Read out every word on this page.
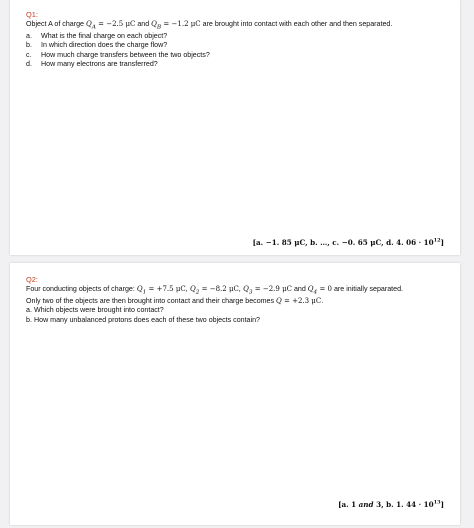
Q1:
Object A of charge $Q_A = -2.5$ μC and $Q_B = -1.2$ μC are brought into contact with each other and then separated.
a.	What is the final charge on each object?
b.	In which direction does the charge flow?
c.	How much charge transfers between the two objects?
d.	How many electrons are transferred?
[a. −1. 85 μC, b. …, c. −0. 65 μC, d. 4. $06 \cdot 10^{12}$]
Q2:
Four conducting objects of charge: $Q_1 = +7.5$ μC, $Q_2 = -8.2$ μC, $Q_3 = -2.9$ μC and $Q_4 = 0$ are initially separated.
Only two of the objects are then brought into contact and their charge becomes Q = +2.3 μC.
a. Which objects were brought into contact?
b. How many unbalanced protons does each of these two objects contain?
[a. 1 and 3, b. 1. $44 \cdot 10^{13}$]
